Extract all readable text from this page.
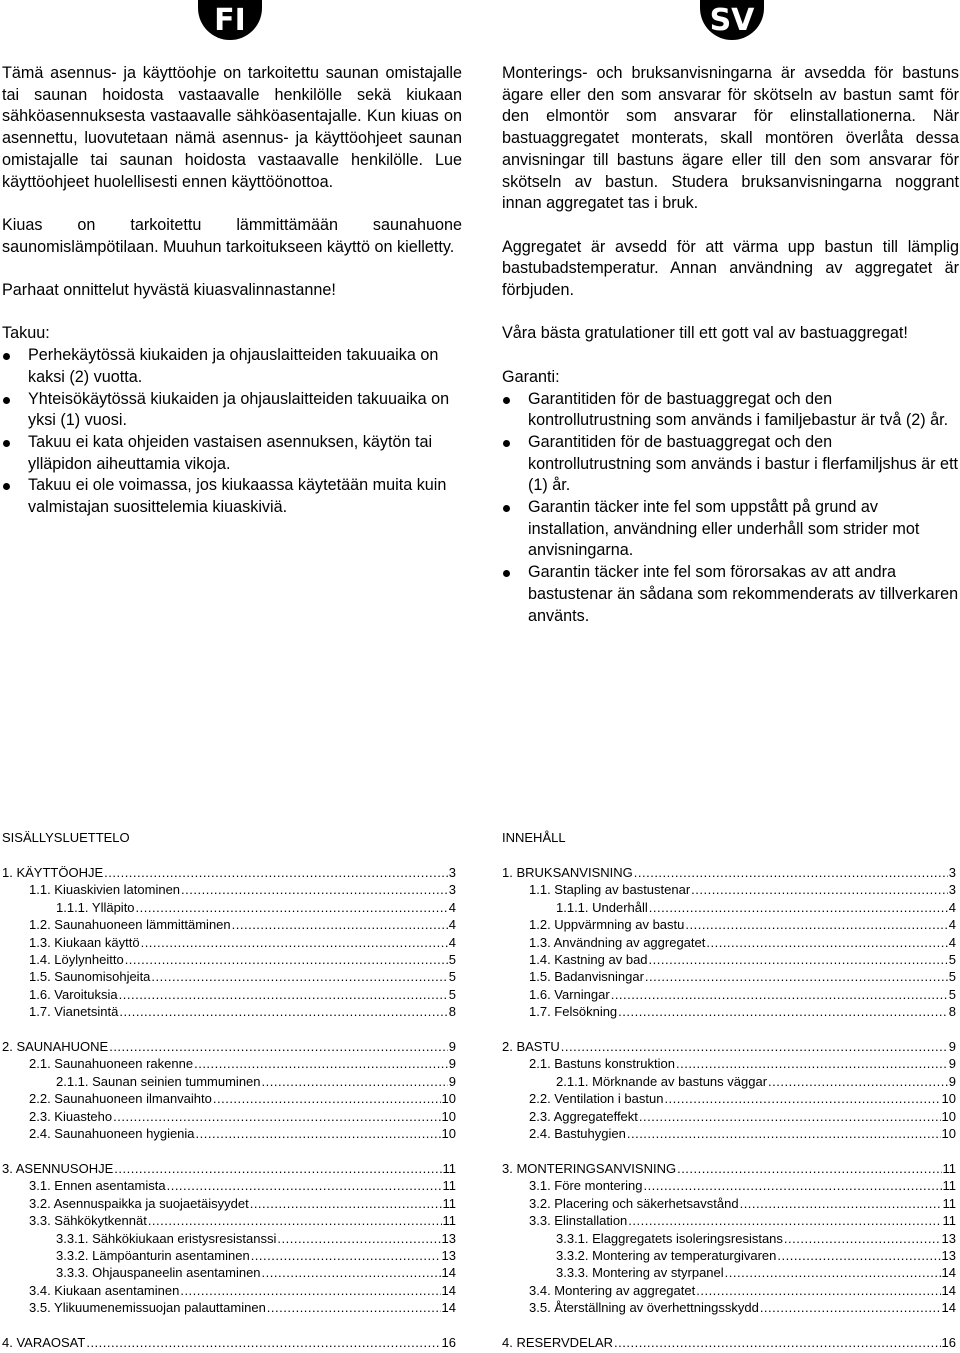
FI	SV

Tämä asennus- ja käyttöohje on tarkoitettu saunan omistajalle tai saunan hoidosta vastaavalle henkilölle sekä kiukaan sähköasennuksesta vastaavalle sähköasentajalle. Kun kiuas on asennettu, luovutetaan nämä asennus- ja käyttöohjeet saunan omistajalle tai saunan hoidosta vastaavalle henkilölle. Lue käyttöohjeet huolellisesti ennen käyttöönottoa.

Kiuas on tarkoitettu lämmittämään saunahuone saunomislämpötilaan. Muuhun tarkoitukseen käyttö on kielletty.

Parhaat onnittelut hyvästä kiuasvalinnastanne!

Takuu:

Perhekäytössä kiukaiden ja ohjauslaitteiden takuuaika on kaksi (2) vuotta.
Yhteisökäytössä kiukaiden ja ohjauslaitteiden takuuaika on yksi (1) vuosi.
Takuu ei kata ohjeiden vastaisen asennuksen, käytön tai ylläpidon aiheuttamia vikoja.
Takuu ei ole voimassa, jos kiukaassa käytetään muita kuin valmistajan suosittelemia kiuaskiviä.

Monterings- och bruksanvisningarna är avsedda för bastuns ägare eller den som ansvarar för skötseln av bastun samt för den elmontör som ansvarar för elinstallationerna. När bastuaggregatet monterats, skall montören överlåta dessa anvisningar till bastuns ägare eller till den som ansvarar för skötseln av bastun. Studera bruksanvisningarna noggrant innan aggregatet tas i bruk.

Aggregatet är avsedd för att värma upp bastun till lämplig bastubadstemperatur. Annan användning av aggregatet är förbjuden.

Våra bästa gratulationer till ett gott val av bastuaggregat!

Garanti:

Garantitiden för de bastuaggregat och den kontrollutrustning som används i familjebastur är två (2) år.
Garantitiden för de bastuaggregat och den kontrollutrustning som används i bastur i flerfamiljshus är ett (1) år.
Garantin täcker inte fel som uppstått på grund av installation, användning eller underhåll som strider mot anvisningarna.
Garantin täcker inte fel som förorsakas av att andra bastustenar än sådana som rekommenderats av tillverkaren använts.
SISÄLLYSLUETTELO
1. KÄYTTÖOHJE .....	3
1.1. Kiuaskivien latominen .....	3
1.1.1. Ylläpito .....	4
1.2. Saunahuoneen lämmittäminen .....	4
1.3. Kiukaan käyttö .....	4
1.4. Löylynheitto .....	5
1.5. Saunomisohjeita .....	5
1.6. Varoituksia .....	5
1.7. Vianetsintä .....	8
2. SAUNAHUONE .....	9
2.1. Saunahuoneen rakenne .....	9
2.1.1. Saunan seinien tummuminen .....	9
2.2. Saunahuoneen ilmanvaihto .....	10
2.3. Kiuasteho .....	10
2.4. Saunahuoneen hygienia .....	10
3. ASENNUSOHJE .....	11
3.1. Ennen asentamista .....	11
3.2. Asennuspaikka ja suojaetäisyydet .....	11
3.3. Sähkökytkennät .....	11
3.3.1. Sähkökiukaan eristysresistanssi .....	13
3.3.2. Lämpöanturin asentaminen .....	13
3.3.3. Ohjauspaneelin asentaminen .....	14
3.4. Kiukaan asentaminen .....	14
3.5. Ylikuumenemissuojan palauttaminen .....	14
4. VARAOSAT .....	16
INNEHÅLL
1. BRUKSANVISNING .....	3
1.1. Stapling av bastustenar .....	3
1.1.1. Underhåll .....	4
1.2. Uppvärmning av bastu .....	4
1.3. Användning av aggregatet .....	4
1.4. Kastning av bad .....	5
1.5. Badanvisningar .....	5
1.6. Varningar .....	5
1.7. Felsökning .....	8
2. BASTU .....	9
2.1. Bastuns konstruktion .....	9
2.1.1. Mörknande av bastuns väggar .....	9
2.2. Ventilation i bastun .....	10
2.3. Aggregateffekt .....	10
2.4. Bastuhygien .....	10
3. MONTERINGSANVISNING .....	11
3.1. Före montering .....	11
3.2. Placering och säkerhetsavstånd .....	11
3.3. Elinstallation .....	11
3.3.1. Elaggregatets isoleringsresistans .....	13
3.3.2. Montering av temperaturgivaren .....	13
3.3.3. Montering av styrpanel .....	14
3.4. Montering av aggregatet .....	14
3.5. Återställning av överhettningsskydd .....	14
4. RESERVDELAR .....	16
